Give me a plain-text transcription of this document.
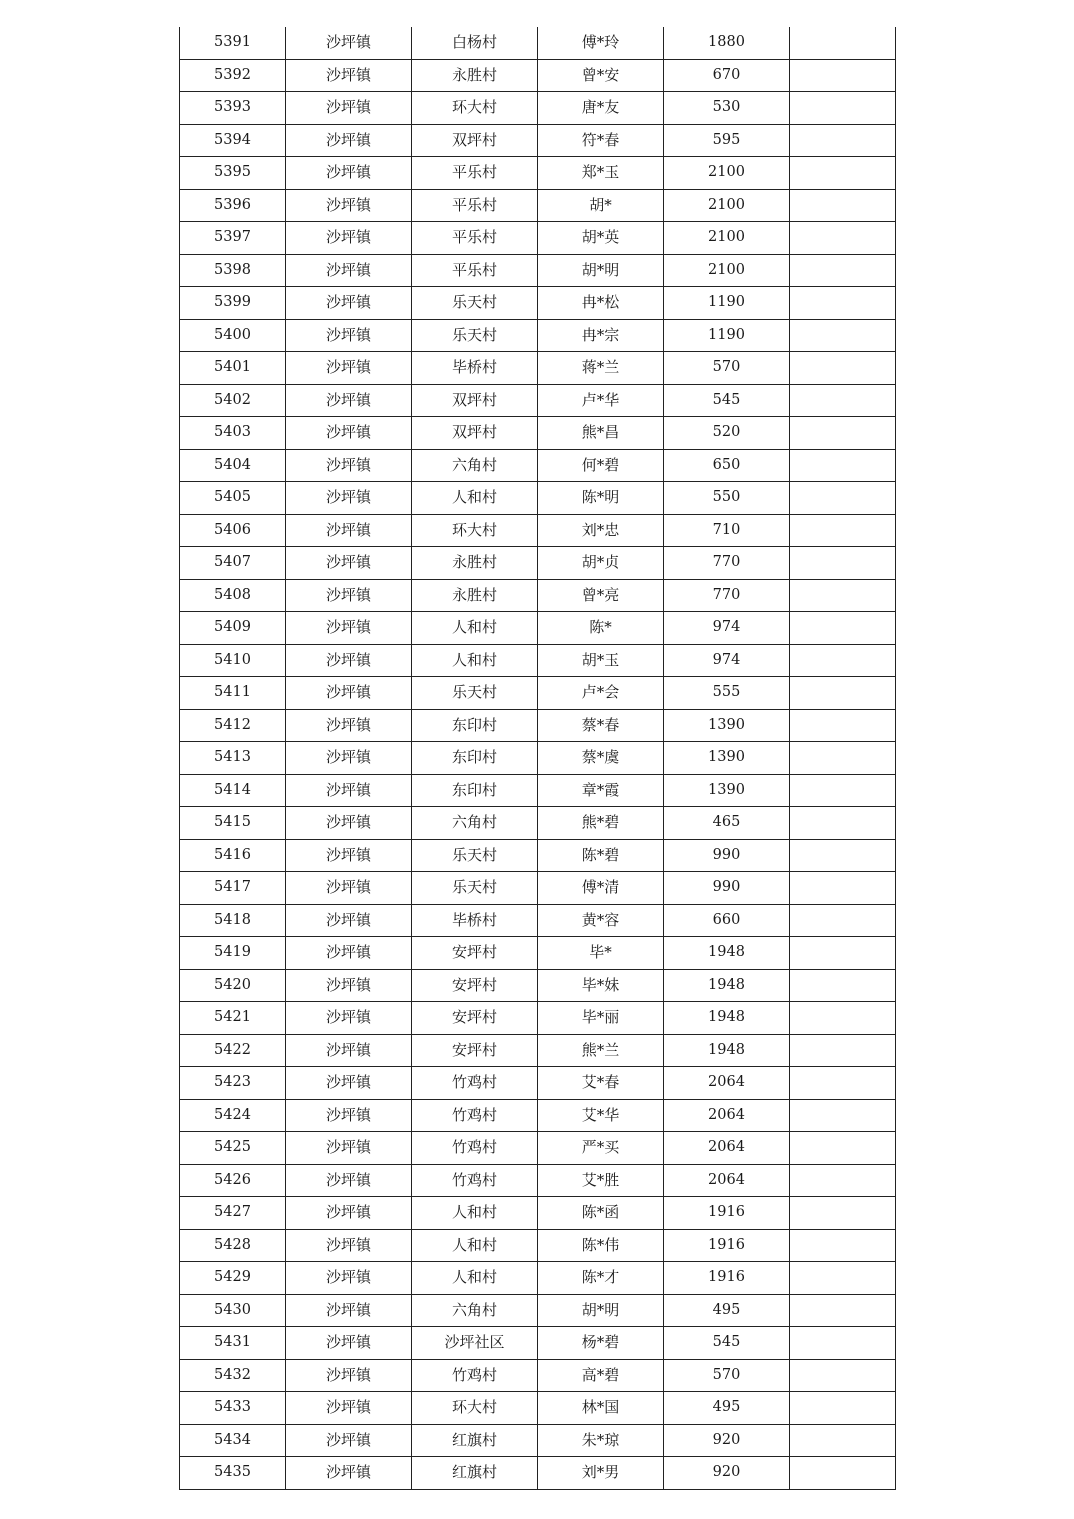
5391	沙坪镇	白杨村	傅*玲	1880	
5392	沙坪镇	永胜村	曾*安	670	
5393	沙坪镇	环大村	唐*友	530	
5394	沙坪镇	双坪村	符*春	595	
5395	沙坪镇	平乐村	郑*玉	2100	
5396	沙坪镇	平乐村	胡*	2100	
5397	沙坪镇	平乐村	胡*英	2100	
5398	沙坪镇	平乐村	胡*明	2100	
5399	沙坪镇	乐天村	冉*松	1190	
5400	沙坪镇	乐天村	冉*宗	1190	
5401	沙坪镇	毕桥村	蒋*兰	570	
5402	沙坪镇	双坪村	卢*华	545	
5403	沙坪镇	双坪村	熊*昌	520	
5404	沙坪镇	六角村	何*碧	650	
5405	沙坪镇	人和村	陈*明	550	
5406	沙坪镇	环大村	刘*忠	710	
5407	沙坪镇	永胜村	胡*贞	770	
5408	沙坪镇	永胜村	曾*亮	770	
5409	沙坪镇	人和村	陈*	974	
5410	沙坪镇	人和村	胡*玉	974	
5411	沙坪镇	乐天村	卢*会	555	
5412	沙坪镇	东印村	蔡*春	1390	
5413	沙坪镇	东印村	蔡*虞	1390	
5414	沙坪镇	东印村	章*霞	1390	
5415	沙坪镇	六角村	熊*碧	465	
5416	沙坪镇	乐天村	陈*碧	990	
5417	沙坪镇	乐天村	傅*清	990	
5418	沙坪镇	毕桥村	黄*容	660	
5419	沙坪镇	安坪村	毕*	1948	
5420	沙坪镇	安坪村	毕*妹	1948	
5421	沙坪镇	安坪村	毕*丽	1948	
5422	沙坪镇	安坪村	熊*兰	1948	
5423	沙坪镇	竹鸡村	艾*春	2064	
5424	沙坪镇	竹鸡村	艾*华	2064	
5425	沙坪镇	竹鸡村	严*买	2064	
5426	沙坪镇	竹鸡村	艾*胜	2064	
5427	沙坪镇	人和村	陈*函	1916	
5428	沙坪镇	人和村	陈*伟	1916	
5429	沙坪镇	人和村	陈*才	1916	
5430	沙坪镇	六角村	胡*明	495	
5431	沙坪镇	沙坪社区	杨*碧	545	
5432	沙坪镇	竹鸡村	高*碧	570	
5433	沙坪镇	环大村	林*国	495	
5434	沙坪镇	红旗村	朱*琼	920	
5435	沙坪镇	红旗村	刘*男	920	
